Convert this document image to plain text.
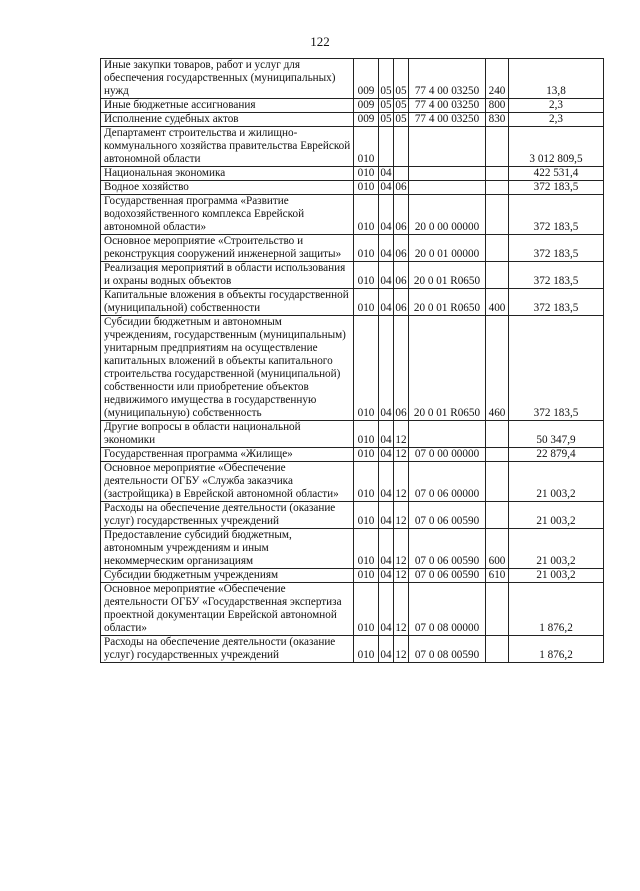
122
Иные закупки товаров, работ и услуг для обеспечения государственных (муниципальных) нужд	009	05	05	77 4 00 03250	240	13,8
Иные бюджетные ассигнования	009	05	05	77 4 00 03250	800	2,3
Исполнение судебных актов	009	05	05	77 4 00 03250	830	2,3
Департамент строительства и жилищно-коммунального хозяйства правительства Еврейской автономной области	010					3 012 809,5
Национальная экономика	010	04				422 531,4
Водное хозяйство	010	04	06			372 183,5
Государственная программа «Развитие водохозяйственного комплекса Еврейской автономной области»	010	04	06	20 0 00 00000		372 183,5
Основное мероприятие «Строительство и реконструкция сооружений инженерной защиты»	010	04	06	20 0 01 00000		372 183,5
Реализация мероприятий в области использования и охраны водных объектов	010	04	06	20 0 01 R0650		372 183,5
Капитальные вложения в объекты государственной (муниципальной) собственности	010	04	06	20 0 01 R0650	400	372 183,5
Субсидии бюджетным и автономным учреждениям, государственным (муниципальным) унитарным предприятиям на осуществление капитальных вложений в объекты капитального строительства государственной (муниципальной) собственности или приобретение объектов недвижимого имущества в государственную (муниципальную) собственность	010	04	06	20 0 01 R0650	460	372 183,5
Другие вопросы в области национальной экономики	010	04	12			50 347,9
Государственная программа «Жилище»	010	04	12	07 0 00 00000		22 879,4
Основное мероприятие «Обеспечение деятельности ОГБУ «Служба заказчика (застройщика) в Еврейской автономной области»	010	04	12	07 0 06 00000		21 003,2
Расходы на обеспечение деятельности (оказание услуг) государственных учреждений	010	04	12	07 0 06 00590		21 003,2
Предоставление субсидий бюджетным, автономным учреждениям и иным некоммерческим организациям	010	04	12	07 0 06 00590	600	21 003,2
Субсидии бюджетным учреждениям	010	04	12	07 0 06 00590	610	21 003,2
Основное мероприятие «Обеспечение деятельности ОГБУ «Государственная экспертиза проектной документации Еврейской автономной области»	010	04	12	07 0 08 00000		1 876,2
Расходы на обеспечение деятельности (оказание услуг) государственных учреждений	010	04	12	07 0 08 00590		1 876,2
